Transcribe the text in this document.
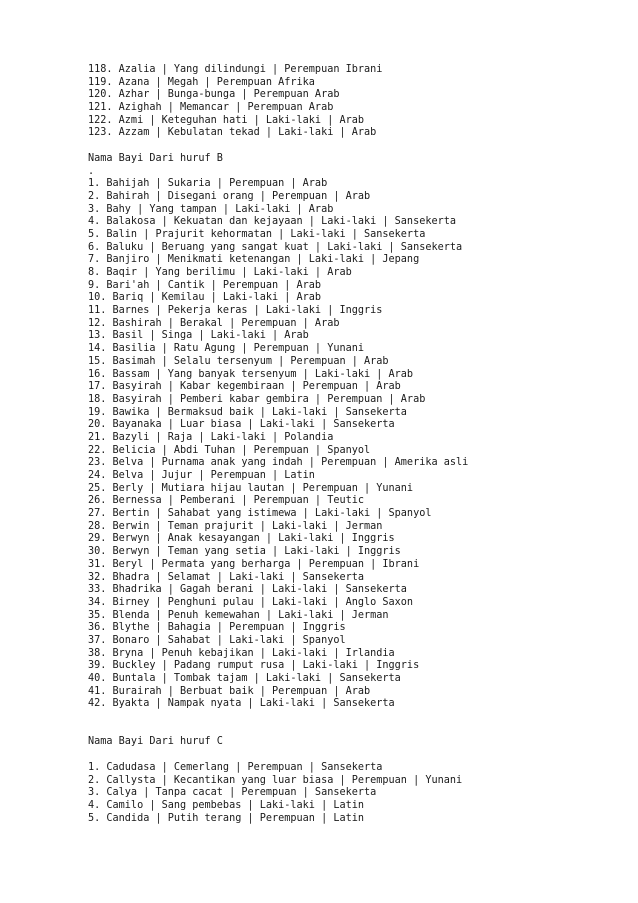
118. Azalia | Yang dilindungi | Perempuan Ibrani
119. Azana | Megah | Perempuan Afrika
120. Azhar | Bunga-bunga | Perempuan Arab
121. Azighah | Memancar | Perempuan Arab
122. Azmi | Keteguhan hati | Laki-laki | Arab
123. Azzam | Kebulatan tekad | Laki-laki | Arab
Nama Bayi Dari huruf B
.
1. Bahijah | Sukaria | Perempuan | Arab
2. Bahirah | Disegani orang | Perempuan | Arab
3. Bahy | Yang tampan | Laki-laki | Arab
4. Balakosa | Kekuatan dan kejayaan | Laki-laki | Sansekerta
5. Balin | Prajurit kehormatan | Laki-laki | Sansekerta
6. Baluku | Beruang yang sangat kuat | Laki-laki | Sansekerta
7. Banjiro | Menikmati ketenangan | Laki-laki | Jepang
8. Baqir | Yang berilimu | Laki-laki | Arab
9. Bari'ah | Cantik | Perempuan | Arab
10. Bariq | Kemilau | Laki-laki | Arab
11. Barnes | Pekerja keras | Laki-laki | Inggris
12. Bashirah | Berakal | Perempuan | Arab
13. Basil | Singa | Laki-laki | Arab
14. Basilia | Ratu Agung | Perempuan | Yunani
15. Basimah | Selalu tersenyum | Perempuan | Arab
16. Bassam | Yang banyak tersenyum | Laki-laki | Arab
17. Basyirah | Kabar kegembiraan | Perempuan | Arab
18. Basyirah | Pemberi kabar gembira | Perempuan | Arab
19. Bawika | Bermaksud baik | Laki-laki | Sansekerta
20. Bayanaka | Luar biasa | Laki-laki | Sansekerta
21. Bazyli | Raja | Laki-laki | Polandia
22. Belicia | Abdi Tuhan | Perempuan | Spanyol
23. Belva | Purnama anak yang indah | Perempuan | Amerika asli
24. Belva | Jujur | Perempuan | Latin
25. Berly | Mutiara hijau lautan | Perempuan | Yunani
26. Bernessa | Pemberani | Perempuan | Teutic
27. Bertin | Sahabat yang istimewa | Laki-laki | Spanyol
28. Berwin | Teman prajurit | Laki-laki | Jerman
29. Berwyn | Anak kesayangan | Laki-laki | Inggris
30. Berwyn | Teman yang setia | Laki-laki | Inggris
31. Beryl | Permata yang berharga | Perempuan | Ibrani
32. Bhadra | Selamat | Laki-laki | Sansekerta
33. Bhadrika | Gagah berani | Laki-laki | Sansekerta
34. Birney | Penghuni pulau | Laki-laki | Anglo Saxon
35. Blenda | Penuh kemewahan | Laki-laki | Jerman
36. Blythe | Bahagia | Perempuan | Inggris
37. Bonaro | Sahabat | Laki-laki | Spanyol
38. Bryna | Penuh kebajikan | Laki-laki | Irlandia
39. Buckley | Padang rumput rusa | Laki-laki | Inggris
40. Buntala | Tombak tajam | Laki-laki | Sansekerta
41. Burairah | Berbuat baik | Perempuan | Arab
42. Byakta | Nampak nyata | Laki-laki | Sansekerta
Nama Bayi Dari huruf C
1. Cadudasa | Cemerlang | Perempuan | Sansekerta
2. Callysta | Kecantikan yang luar biasa | Perempuan | Yunani
3. Calya | Tanpa cacat | Perempuan | Sansekerta
4. Camilo | Sang pembebas | Laki-laki | Latin
5. Candida | Putih terang | Perempuan | Latin
